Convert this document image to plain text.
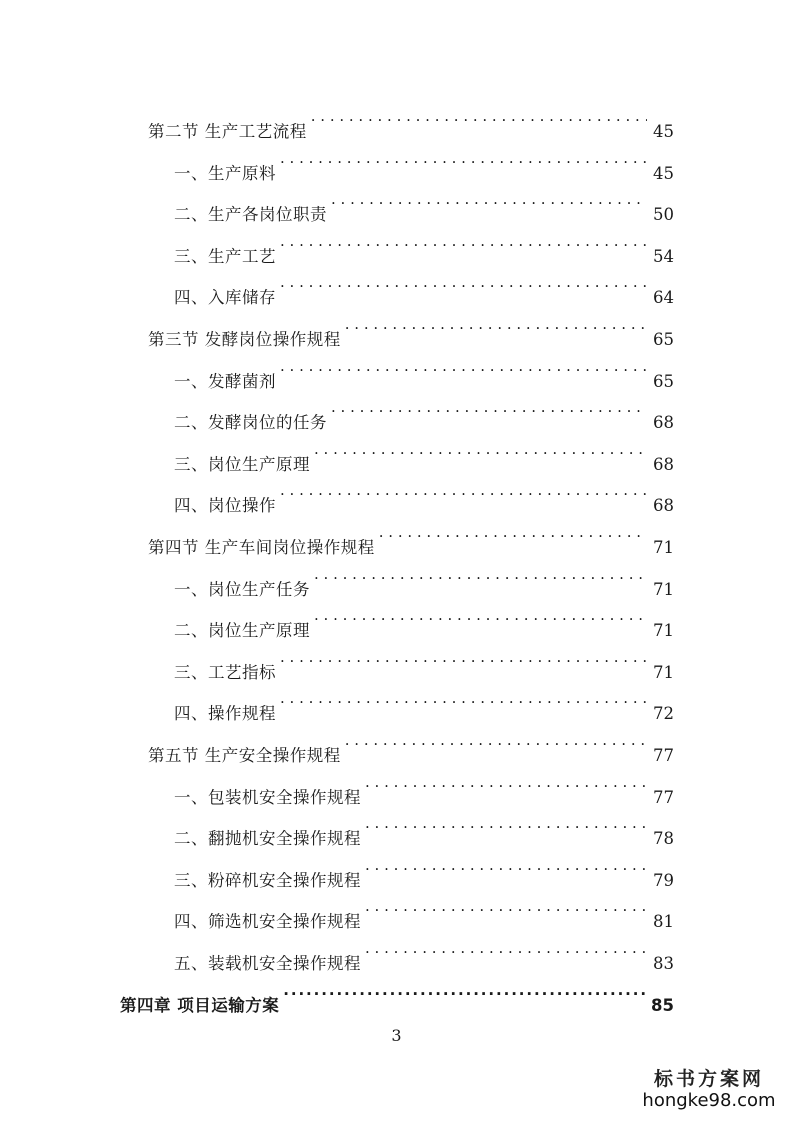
第二节 生产工艺流程 . . .	45
一、生产原料 . . .	45
二、生产各岗位职责 . . .	50
三、生产工艺 . . .	54
四、入库储存 . . .	64
第三节 发酵岗位操作规程 . . .	65
一、发酵菌剂 . . .	65
二、发酵岗位的任务 . . .	68
三、岗位生产原理 . . .	68
四、岗位操作 . . .	68
第四节 生产车间岗位操作规程 . . .	71
一、岗位生产任务 . . .	71
二、岗位生产原理 . . .	71
三、工艺指标 . . .	71
四、操作规程 . . .	72
第五节 生产安全操作规程 . . .	77
一、包装机安全操作规程 . . .	77
二、翻抛机安全操作规程 . . .	78
三、粉碎机安全操作规程 . . .	79
四、筛选机安全操作规程 . . .	81
五、装载机安全操作规程 . . .	83
第四章 项目运输方案 .....	85
3
标书方案网
hongke98.com
